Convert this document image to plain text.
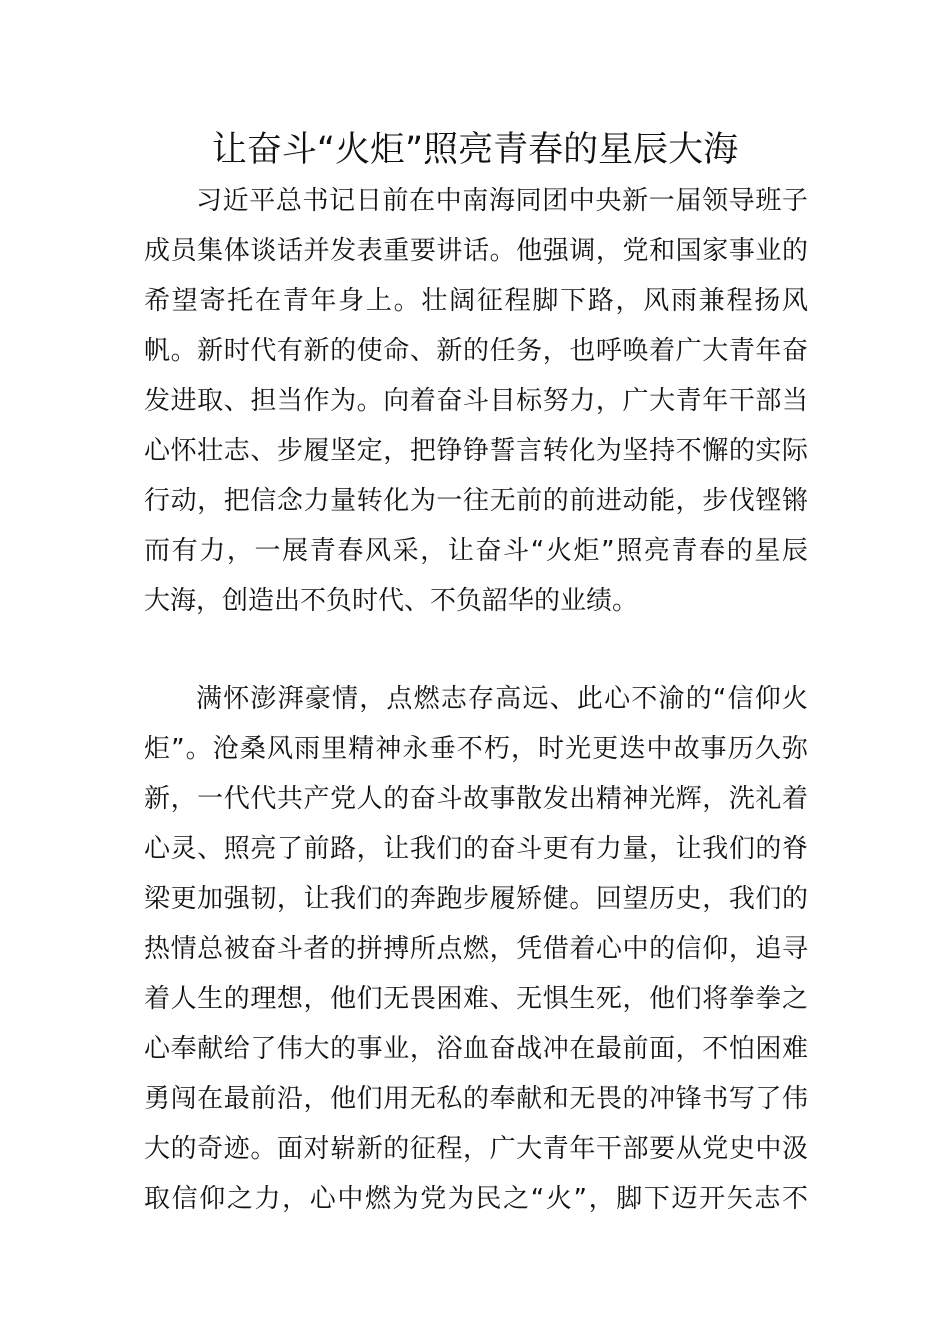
让奋斗“火炬”照亮青春的星辰大海
习近平总书记日前在中南海同团中央新一届领导班子
成员集体谈话并发表重要讲话。他强调，党和国家事业的
希望寄托在青年身上。壮阔征程脚下路，风雨兼程扬风
帆。新时代有新的使命、新的任务，也呼唤着广大青年奋
发进取、担当作为。向着奋斗目标努力，广大青年干部当
心怀壮志、步履坚定，把铮铮誓言转化为坚持不懈的实际
行动，把信念力量转化为一往无前的前进动能，步伐铿锵
而有力，一展青春风采，让奋斗“火炬”照亮青春的星辰
大海，创造出不负时代、不负韶华的业绩。
满怀澎湃豪情，点燃志存高远、此心不渝的“信仰火
炬”。沧桑风雨里精神永垂不朽，时光更迭中故事历久弥
新，一代代共产党人的奋斗故事散发出精神光辉，洗礼着
心灵、照亮了前路，让我们的奋斗更有力量，让我们的脊
梁更加强韧，让我们的奔跑步履矫健。回望历史，我们的
热情总被奋斗者的拼搏所点燃，凭借着心中的信仰，追寻
着人生的理想，他们无畏困难、无惧生死，他们将拳拳之
心奉献给了伟大的事业，浴血奋战冲在最前面，不怕困难
勇闯在最前沿，他们用无私的奉献和无畏的冲锋书写了伟
大的奇迹。面对崭新的征程，广大青年干部要从党史中汲
取信仰之力，心中燃为党为民之“火”，脚下迈开矢志不
